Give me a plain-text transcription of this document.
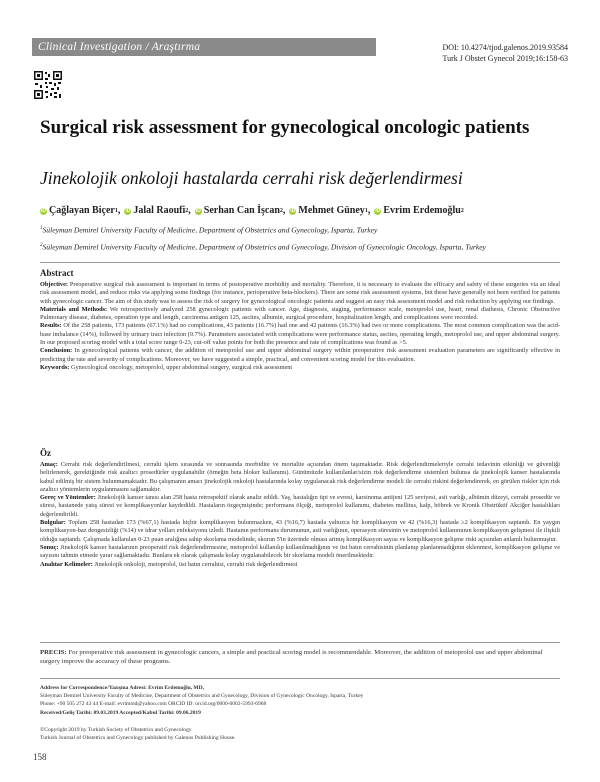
Clinical Investigation / Araştırma	DOI: 10.4274/tjod.galenos.2019.93584
Turk J Obstet Gynecol 2019;16:158-63
Surgical risk assessment for gynecological oncologic patients
Jinekolojik onkoloji hastalarda cerrahi risk değerlendirmesi
iD Çağlayan Biçer 1 , iD Jalal Raoufi 2 , iD Serhan Can İşcan 2 , iD Mehmet Güney 1 , iD Evrim Erdemoğlu 2
$^1$Süleyman Demirel University Faculty of Medicine, Department of Obstetrics and Gynecology, Isparta, Turkey
$^2$Süleyman Demirel University Faculty of Medicine, Department of Obstetrics and Gynecology, Division of Gynecologic Oncology, Isparta, Turkey
Abstract

Objective: Preoperative surgical risk assessment is important in terms of postoperative morbidity and mortality. Therefore, it is necessary to evaluate the efficacy and safety of these surgeries via an ideal risk assessment model, and reduce risks via applying some findings (for instance, perioperative beta-blockers). There are some risk assessment systems, but these have generally not been verified for patients with gynecologic cancer. The aim of this study was to assess the risk of surgery for gynecological oncologic patients and suggest an easy risk assessment model and risk reduction by applying our findings.

Materials and Methods: We retrospectively analyzed 258 gynecologic patients with cancer. Age, diagnosis, staging, performance scale, metoprolol use, heart, renal diathesis, Chronic Obstructive Pulmonary disease, diabetes, operation type and length, carcinoma antigen 125, ascites, albumin, surgical procedure, hospitalization length, and complications were recorded.

Results: Of the 258 patients, 173 patients (67.1%) had no complications, 43 patients (16.7%) had one and 42 patients (16.3%) had two or more complications. The most common complication was the acid-base imbalance (14%), followed by urinary tract infection (9.7%). Parameters associated with complications were performance status, ascites, operating length, metoprolol use, and upper abdominal surgery. In our proposed scoring model with a total score range 0-23, cut-off value points for both the presence and rate of complications was found as >5.

Conclusion: In gynecological patients with cancer, the addition of metoprolol use and upper abdominal surgery within preoperative risk assessment evaluation parameters are significantly effective in predicting the rate and severity of complications. Moreover, we have suggested a simple, practical, and convenient scoring model for this evaluation.

Keywords: Gynecological oncology, metoprolol, upper abdominal surgery, surgical risk assessment

Öz

Amaç: Cerrahi risk değerlendirilmesi, cerrahi işlem sırasında ve sonrasında morbidite ve mortalite açısından önem taşımaktadır. Risk değerlendirmeleriyle cerrahi tedavinin etkinliği ve güvenliği belirlenerek, gerektiğinde risk azaltıcı prosedürler uygulanabilir (örneğin beta bloker kullanımı). Günümüzde kullanılanlar/sizin risk değerlendirme sistemleri bulunsa da jinekolojik kanser hastalarında kabul edilmiş bir sistem bulunmamaktadır. Bu çalışmanın amacı jinekolojik onkoloji hastalarında kolay uygulanacak risk değerlendirme modeli ile cerrahi riskini değerlendirerek, en görülen riskler için risk azaltıcı yöntemlerin uygulanmasını sağlamaktır.

Gereç ve Yöntemler: Jinekolojik kanser tanısı alan 258 hasta retrospektif olarak analiz edildi. Yaş, hastalığın tipi ve evresi, karsinoma antijeni 125 seviyesi, asit varlığı, albümin düzeyi, cerrahi prosedür ve süresi, hastanede yatış süresi ve komplikasyonlar kaydedildi. Hastaların özgeçmişinde; performans ölçeği, metoprolol kullanımı, diabetes mellitus, kalp, böbrek ve Kronik Obstrüktif Akciğer hastalıkları değerlendirildi.

Bulgular: Toplam 258 hastadan 173 (%67,1) hastada hiçbir komplikasyon bulunmazken, 43 (%16,7) hastada yalnızca bir komplikasyon ve 42 (%16,3) hastada ≥2 komplikasyon saptandı. En yaygın komplikasyon-baz dengesizliği (%14) ve idrar yolları enfeksiyonu izledi. Hastanın performans durumunun, asit varlığının, operasyon süresinin ve metoprolol kullanımının komplikasyon gelişmesi ile ilişkili olduğu saptandı. Çalışmada kullanılan 0-23 puan aralığına sahip skorlama modelinde, skorun 5'in üzerinde olması artmış komplikasyon sayısı ve komplikasyon gelişme riski açısından anlamlı bulunmuştur.

Sonuç: Jinekolojik kanser hastalarının preoperatif risk değerlendirmesine, metoprolol kullanılıp kullanılmadığının ve üst batın cerrahisinin planlanıp planlanmadığının eklenmesi, komplikasyon gelişme ve sayısını tahmin etmede yarar sağlamaktadır. Bunlara ek olarak çalışmada kolay uygulanabilecek bir skorlama modeli önerilmektedir.

Anahtar Kelimeler: Jinekolojik onkoloji, metoprolol, üst batın cerrahisi, cerrahi risk değerlendirmesi

PRECIS: For preoperative risk assessment in gynecologic cancers, a simple and practical scoring model is recommendable. Moreover, the addition of metoprolol use and upper abdominal surgery improve the accuracy of these programs.

Address for Correspondence/Yazışma Adresi: Evrim Erdemoğlu, MD,

Süleyman Demirel University Faculty of Medicine, Department of Obstetrics and Gynecology, Division of Gynecologic Oncology, Isparta, Turkey

Phone: +90 505 272 43 44 E-mail: evrimmd@yahoo.com ORCID ID: orcid.org/0000-0002-5993-6968

Received/Geliş Tarihi: 09.03.2019 Accepted/Kabul Tarihi: 09.06.2019

©Copyright 2019 by Turkish Society of Obstetrics and Gynecology

Turkish Journal of Obstetrics and Gynecology published by Galenos Publishing House.

158
